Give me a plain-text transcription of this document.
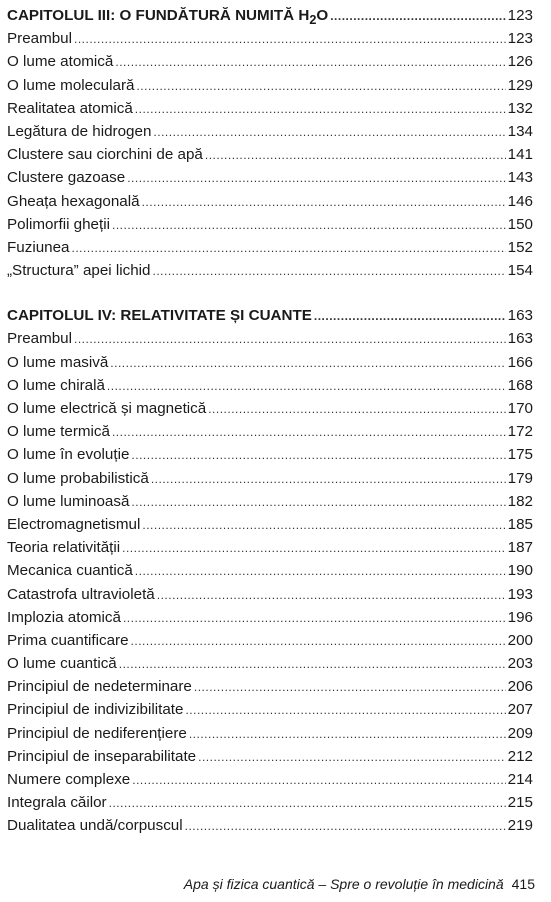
CAPITOLUL III: O FUNDĂTURĂ NUMITĂ $H_2O$ .....	123
Preambul .....	123
O lume atomică .....	126
O lume moleculară .....	129
Realitatea atomică .....	132
Legătura de hidrogen .....	134
Clustere sau ciorchini de apă .....	141
Clustere gazoase .....	143
Gheața hexagonală .....	146
Polimorfii gheții .....	150
Fuziunea .....	152
„Structura” apei lichid .....	154
CAPITOLUL IV: RELATIVITATE ȘI CUANTE .....	163
Preambul .....	163
O lume masivă .....	166
O lume chirală .....	168
O lume electrică și magnetică .....	170
O lume termică .....	172
O lume în evoluție .....	175
O lume probabilistică .....	179
O lume luminoasă .....	182
Electromagnetismul .....	185
Teoria relativității .....	187
Mecanica cuantică .....	190
Catastrofa ultravioletă .....	193
Implozia atomică .....	196
Prima cuantificare .....	200
O lume cuantică .....	203
Principiul de nedeterminare .....	206
Principiul de indivizibilitate .....	207
Principiul de nediferențiere .....	209
Principiul de inseparabilitate .....	212
Numere complexe .....	214
Integrala căilor .....	215
Dualitatea undă/corpuscul .....	219
Apa și fizica cuantică – Spre o revoluție în medicină 415
